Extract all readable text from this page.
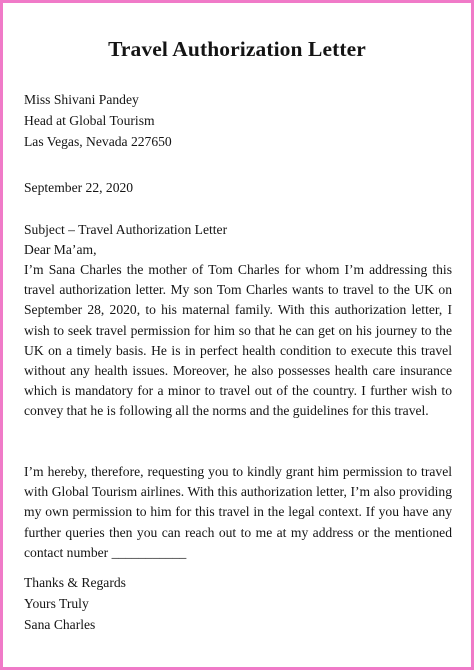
Travel Authorization Letter
Miss Shivani Pandey
Head at Global Tourism
Las Vegas, Nevada 227650
September 22, 2020
Subject – Travel Authorization Letter
Dear Ma’am,
I’m Sana Charles the mother of Tom Charles for whom I’m addressing this travel authorization letter. My son Tom Charles wants to travel to the UK on September 28, 2020, to his maternal family. With this authorization letter, I wish to seek travel permission for him so that he can get on his journey to the UK on a timely basis. He is in perfect health condition to execute this travel without any health issues. Moreover, he also possesses health care insurance which is mandatory for a minor to travel out of the country. I further wish to convey that he is following all the norms and the guidelines for this travel.
I’m hereby, therefore, requesting you to kindly grant him permission to travel with Global Tourism airlines. With this authorization letter, I’m also providing my own permission to him for this travel in the legal context. If you have any further queries then you can reach out to me at my address or the mentioned contact number ___________
Thanks & Regards
Yours Truly
Sana Charles
